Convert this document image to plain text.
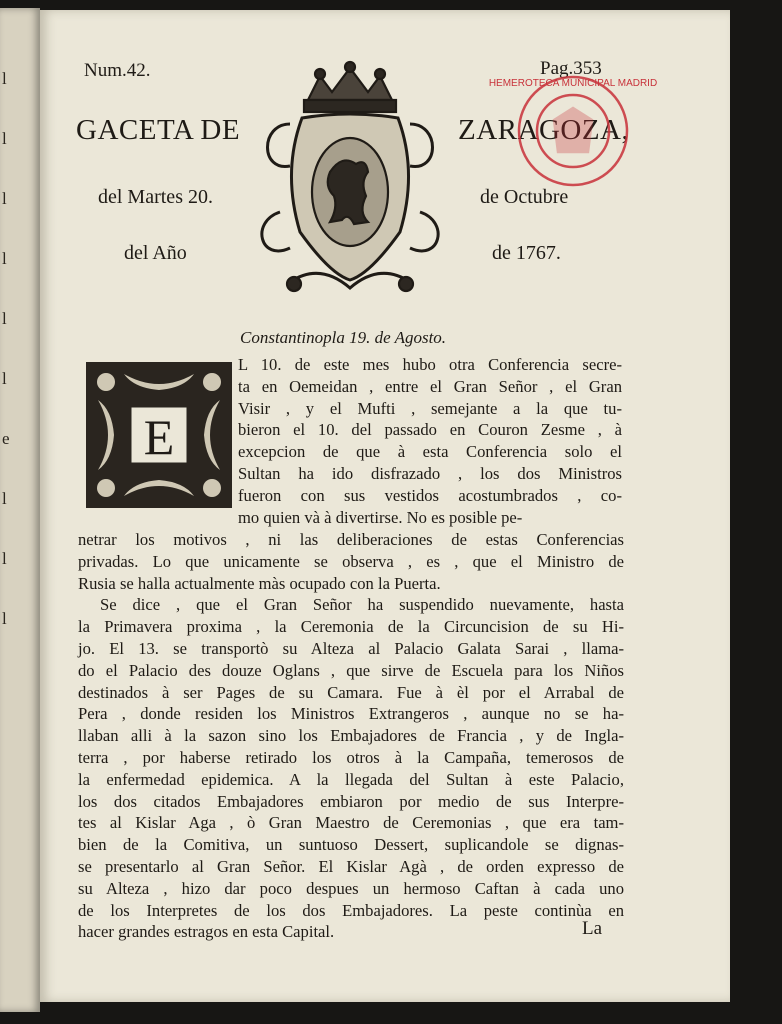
l
l
l
l
l
l
e
l
l
l
Num.42.	Pag.353
GACETA DE	ZARAGOZA,
del Martes 20.	de Octubre
del Año	de 1767.
HEMEROTECA MUNICIPAL MADRID
Constantinopla 19. de Agosto.
E
L 10. de este mes hubo otra Conferencia secre-
ta en Oemeidan , entre el Gran Señor , el Gran
Visir , y el Mufti , semejante a la que tu-
bieron el 10. del passado en Couron Zesme , à
excepcion de que à esta Conferencia solo el
Sultan ha ido disfrazado , los dos Ministros
fueron con sus vestidos acostumbrados , co-
mo quien và à divertirse. No es posible pe-
netrar los motivos , ni las deliberaciones de estas Conferencias
privadas. Lo que unicamente se observa , es , que el Ministro de
Rusia se halla actualmente màs ocupado con la Puerta.
Se dice , que el Gran Señor ha suspendido nuevamente, hasta
la Primavera proxima , la Ceremonia de la Circuncision de su Hi-
jo. El 13. se transportò su Alteza al Palacio Galata Sarai , llama-
do el Palacio des douze Oglans , que sirve de Escuela para los Niños
destinados à ser Pages de su Camara. Fue à èl por el Arrabal de
Pera , donde residen los Ministros Extrangeros , aunque no se ha-
llaban alli à la sazon sino los Embajadores de Francia , y de Ingla-
terra , por haberse retirado los otros à la Campaña, temerosos de
la enfermedad epidemica. A la llegada del Sultan à este Palacio,
los dos citados Embajadores embiaron por medio de sus Interpre-
tes al Kislar Aga , ò Gran Maestro de Ceremonias , que era tam-
bien de la Comitiva, un suntuoso Dessert, suplicandole se dignas-
se presentarlo al Gran Señor. El Kislar Agà , de orden expresso de
su Alteza , hizo dar poco despues un hermoso Caftan à cada uno
de los Interpretes de los dos Embajadores. La peste continùa en
hacer grandes estragos en esta Capital.	La
